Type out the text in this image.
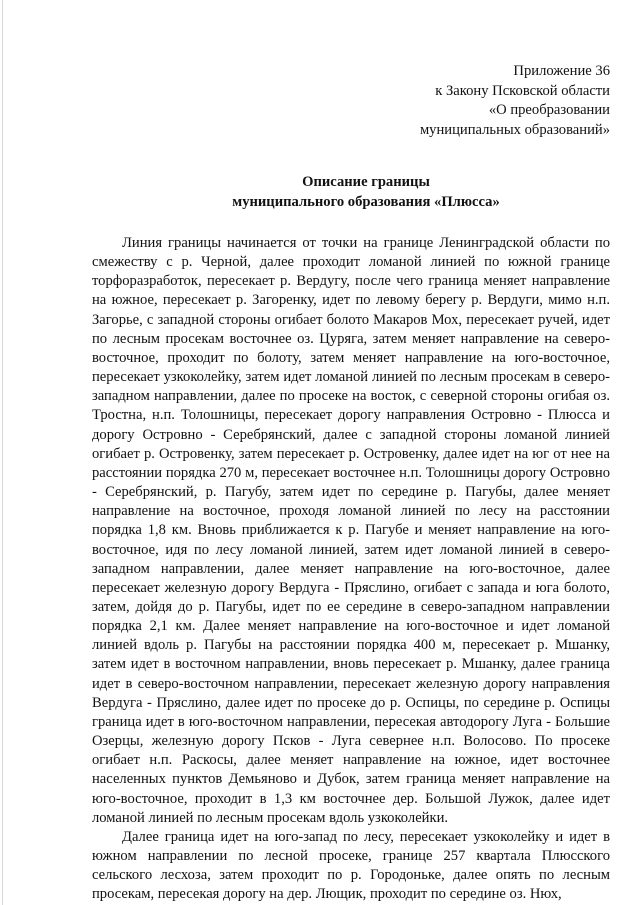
Приложение 36
к Закону Псковской области
«О преобразовании
муниципальных образований»
Описание границы
муниципального образования «Плюсса»

Линия границы начинается от точки на границе Ленинградской области по смежеству с р. Черной, далее проходит ломаной линией по южной границе торфоразработок, пересекает р. Вердугу, после чего граница меняет направление на южное, пересекает р. Загоренку, идет по левому берегу р. Вердуги, мимо н.п. Загорье, с западной стороны огибает болото Макаров Мох, пересекает ручей, идет по лесным просекам восточнее оз. Цуряга, затем меняет направление на северо-восточное, проходит по болоту, затем меняет направление на юго-восточное, пересекает узкоколейку, затем идет ломаной линией по лесным просекам в северо-западном направлении, далее по просеке на восток, с северной стороны огибая оз. Тростна, н.п. Толошницы, пересекает дорогу направления Островно - Плюсса и дорогу Островно - Серебрянский, далее с западной стороны ломаной линией огибает р. Островенку, затем пересекает р. Островенку, далее идет на юг от нее на расстоянии порядка 270 м, пересекает восточнее н.п. Толошницы дорогу Островно - Серебрянский, р. Пагубу, затем идет по середине р. Пагубы, далее меняет направление на восточное, проходя ломаной линией по лесу на расстоянии порядка 1,8 км. Вновь приближается к р. Пагубе и меняет направление на юго-восточное, идя по лесу ломаной линией, затем идет ломаной линией в северо-западном направлении, далее меняет направление на юго-восточное, далее пересекает железную дорогу Вердуга - Пряслино, огибает с запада и юга болото, затем, дойдя до р. Пагубы, идет по ее середине в северо-западном направлении порядка 2,1 км. Далее меняет направление на юго-восточное и идет ломаной линией вдоль р. Пагубы на расстоянии порядка 400 м, пересекает р. Мшанку, затем идет в восточном направлении, вновь пересекает р. Мшанку, далее граница идет в северо-восточном направлении, пересекает железную дорогу направления Вердуга - Пряслино, далее идет по просеке до р. Оспицы, по середине р. Оспицы граница идет в юго-восточном направлении, пересекая автодорогу Луга - Большие Озерцы, железную дорогу Псков - Луга севернее н.п. Волосово. По просеке огибает н.п. Раскосы, далее меняет направление на южное, идет восточнее населенных пунктов Демьяново и Дубок, затем граница меняет направление на юго-восточное, проходит в 1,3 км восточнее дер. Большой Лужок, далее идет ломаной линией по лесным просекам вдоль узкоколейки.

Далее граница идет на юго-запад по лесу, пересекает узкоколейку и идет в южном направлении по лесной просеке, границе 257 квартала Плюсского сельского лесхоза, затем проходит по р. Городоньке, далее опять по лесным просекам, пересекая дорогу на дер. Лющик, проходит по середине оз. Нюх,
